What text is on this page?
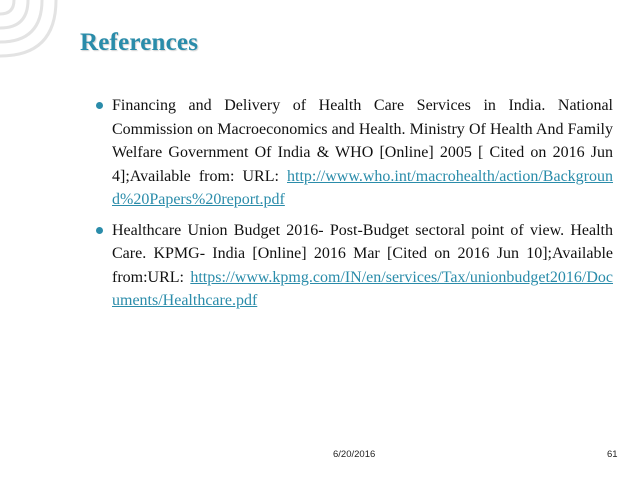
References
Financing and Delivery of Health Care Services in India. National Commission on Macroeconomics and Health. Ministry Of Health And Family Welfare Government Of India & WHO [Online] 2005 [ Cited on 2016 Jun 4];Available from: URL: http://www.who.int/macrohealth/action/Background%20Papers%20report.pdf
Healthcare Union Budget 2016- Post-Budget sectoral point of view. Health Care. KPMG- India [Online] 2016 Mar [Cited on 2016 Jun 10];Available from:URL: https://www.kpmg.com/IN/en/services/Tax/unionbudget2016/Documents/Healthcare.pdf
6/20/2016	61
